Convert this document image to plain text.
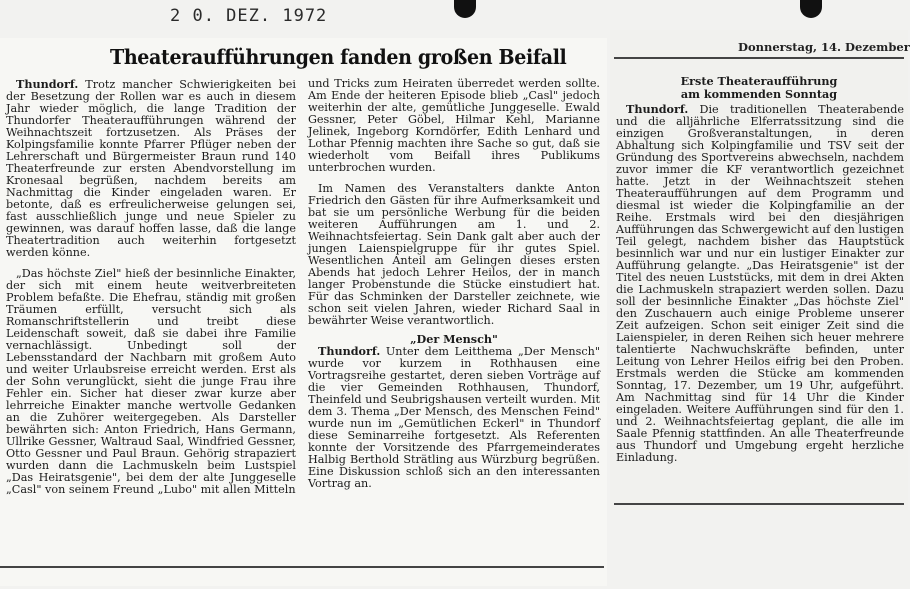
2 0. DEZ. 1972
Theateraufführungen fanden großen Beifall

Thundorf. Trotz mancher Schwierigkeiten bei der Besetzung der Rollen war es auch in diesem Jahr wieder möglich, die lange Tradition der Thundorfer Theateraufführungen während der Weihnachtszeit fortzusetzen. Als Präses der Kolpingsfamilie konnte Pfarrer Pflüger neben der Lehrerschaft und Bürgermeister Braun rund 140 Theaterfreunde zur ersten Abendvorstellung im Kronesaal begrüßen, nachdem bereits am Nachmittag die Kinder eingeladen waren. Er betonte, daß es erfreulicherweise gelungen sei, fast ausschließlich junge und neue Spieler zu gewinnen, was darauf hoffen lasse, daß die lange Theatertradition auch weiterhin fortgesetzt werden könne.

„Das höchste Ziel" hieß der besinnliche Einakter, der sich mit einem heute weitverbreiteten Problem befaßte. Die Ehefrau, ständig mit großen Träumen erfüllt, versucht sich als Romanschriftstellerin und treibt diese Leidenschaft soweit, daß sie dabei ihre Familie vernachlässigt. Unbedingt soll der Lebensstandard der Nachbarn mit großem Auto und weiter Urlaubsreise erreicht werden. Erst als der Sohn verunglückt, sieht die junge Frau ihre Fehler ein. Sicher hat dieser zwar kurze aber lehrreiche Einakter manche wertvolle Gedanken an die Zuhörer weitergegeben. Als Darsteller bewährten sich: Anton Friedrich, Hans Germann, Ullrike Gessner, Waltraud Saal, Windfried Gessner, Otto Gessner und Paul Braun. Gehörig strapaziert wurden dann die Lachmuskeln beim Lustspiel „Das Heiratsgenie", bei dem der alte Junggeselle „Casl" von seinem Freund „Lubo" mit allen Mitteln

und Tricks zum Heiraten überredet werden sollte. Am Ende der heiteren Episode blieb „Casl" jedoch weiterhin der alte, gemütliche Junggeselle. Ewald Gessner, Peter Göbel, Hilmar Kehl, Marianne Jelinek, Ingeborg Korndörfer, Edith Lenhard und Lothar Pfennig machten ihre Sache so gut, daß sie wiederholt vom Beifall ihres Publikums unterbrochen wurden.

Im Namen des Veranstalters dankte Anton Friedrich den Gästen für ihre Aufmerksamkeit und bat sie um persönliche Werbung für die beiden weiteren Aufführungen am 1. und 2. Weihnachtsfeiertag. Sein Dank galt aber auch der jungen Laienspielgruppe für ihr gutes Spiel. Wesentlichen Anteil am Gelingen dieses ersten Abends hat jedoch Lehrer Heilos, der in manch langer Probenstunde die Stücke einstudiert hat. Für das Schminken der Darsteller zeichnete, wie schon seit vielen Jahren, wieder Richard Saal in bewährter Weise verantwortlich.

„Der Mensch"

Thundorf. Unter dem Leitthema „Der Mensch" wurde vor kurzem in Rothhausen eine Vortragsreihe gestartet, deren sieben Vorträge auf die vier Gemeinden Rothhausen, Thundorf, Theinfeld und Seubrigshausen verteilt wurden. Mit dem 3. Thema „Der Mensch, des Menschen Feind" wurde nun im „Gemütlichen Eckerl" in Thundorf diese Seminarreihe fortgesetzt. Als Referenten konnte der Vorsitzende des Pfarrgemeinderates Halbig Berthold Strätling aus Würzburg begrüßen. Eine Diskussion schloß sich an den interessanten Vortrag an.

Donnerstag, 14. Dezember
Erste Theateraufführung
am kommenden Sonntag

Thundorf. Die traditionellen Theaterabende und die alljährliche Elferratssitzung sind die einzigen Großveranstaltungen, in deren Abhaltung sich Kolpingfamilie und TSV seit der Gründung des Sportvereins abwechseln, nachdem zuvor immer die KF verantwortlich gezeichnet hatte. Jetzt in der Weihnachtszeit stehen Theateraufführungen auf dem Programm und diesmal ist wieder die Kolpingfamilie an der Reihe. Erstmals wird bei den diesjährigen Aufführungen das Schwergewicht auf den lustigen Teil gelegt, nachdem bisher das Hauptstück besinnlich war und nur ein lustiger Einakter zur Aufführung gelangte. „Das Heiratsgenie" ist der Titel des neuen Luststücks, mit dem in drei Akten die Lachmuskeln strapaziert werden sollen. Dazu soll der besinnliche Einakter „Das höchste Ziel" den Zuschauern auch einige Probleme unserer Zeit aufzeigen. Schon seit einiger Zeit sind die Laienspieler, in deren Reihen sich heuer mehrere talentierte Nachwuchskräfte befinden, unter Leitung von Lehrer Heilos eifrig bei den Proben. Erstmals werden die Stücke am kommenden Sonntag, 17. Dezember, um 19 Uhr, aufgeführt. Am Nachmittag sind für 14 Uhr die Kinder eingeladen. Weitere Aufführungen sind für den 1. und 2. Weihnachtsfeiertag geplant, die alle im Saale Pfennig stattfinden. An alle Theaterfreunde aus Thundorf und Umgebung ergeht herzliche Einladung.
